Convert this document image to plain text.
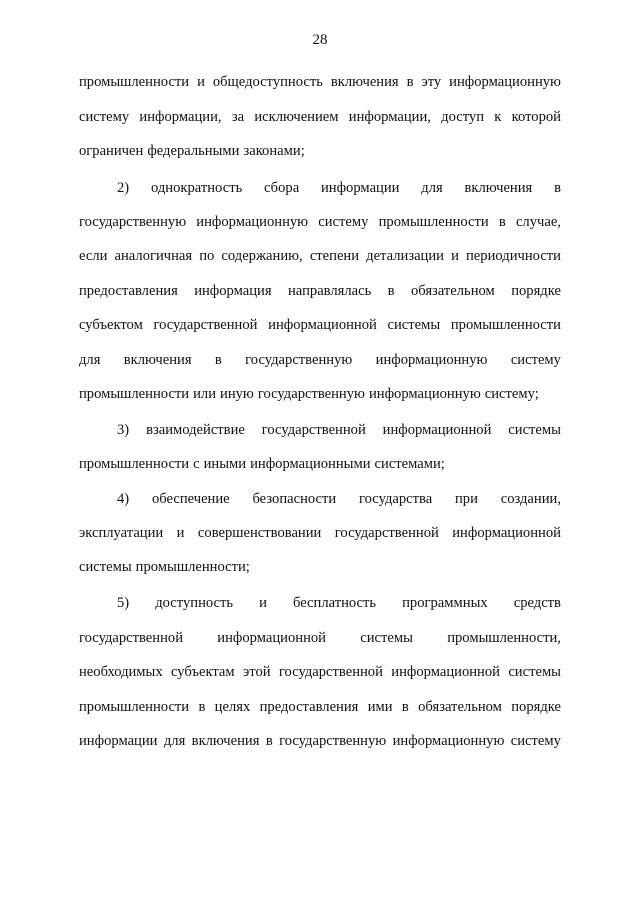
28
промышленности и общедоступность включения в эту информационную
систему информации, за исключением информации, доступ к которой
ограничен федеральными законами;
2) однократность сбора информации для включения в
государственную информационную систему промышленности в случае,
если аналогичная по содержанию, степени детализации и периодичности
предоставления информация направлялась в обязательном порядке
субъектом государственной информационной системы промышленности
для включения в государственную информационную систему
промышленности или иную государственную информационную систему;
3) взаимодействие государственной информационной системы
промышленности с иными информационными системами;
4) обеспечение безопасности государства при создании,
эксплуатации и совершенствовании государственной информационной
системы промышленности;
5) доступность и бесплатность программных средств
государственной информационной системы промышленности,
необходимых субъектам этой государственной информационной системы
промышленности в целях предоставления ими в обязательном порядке
информации для включения в государственную информационную систему
